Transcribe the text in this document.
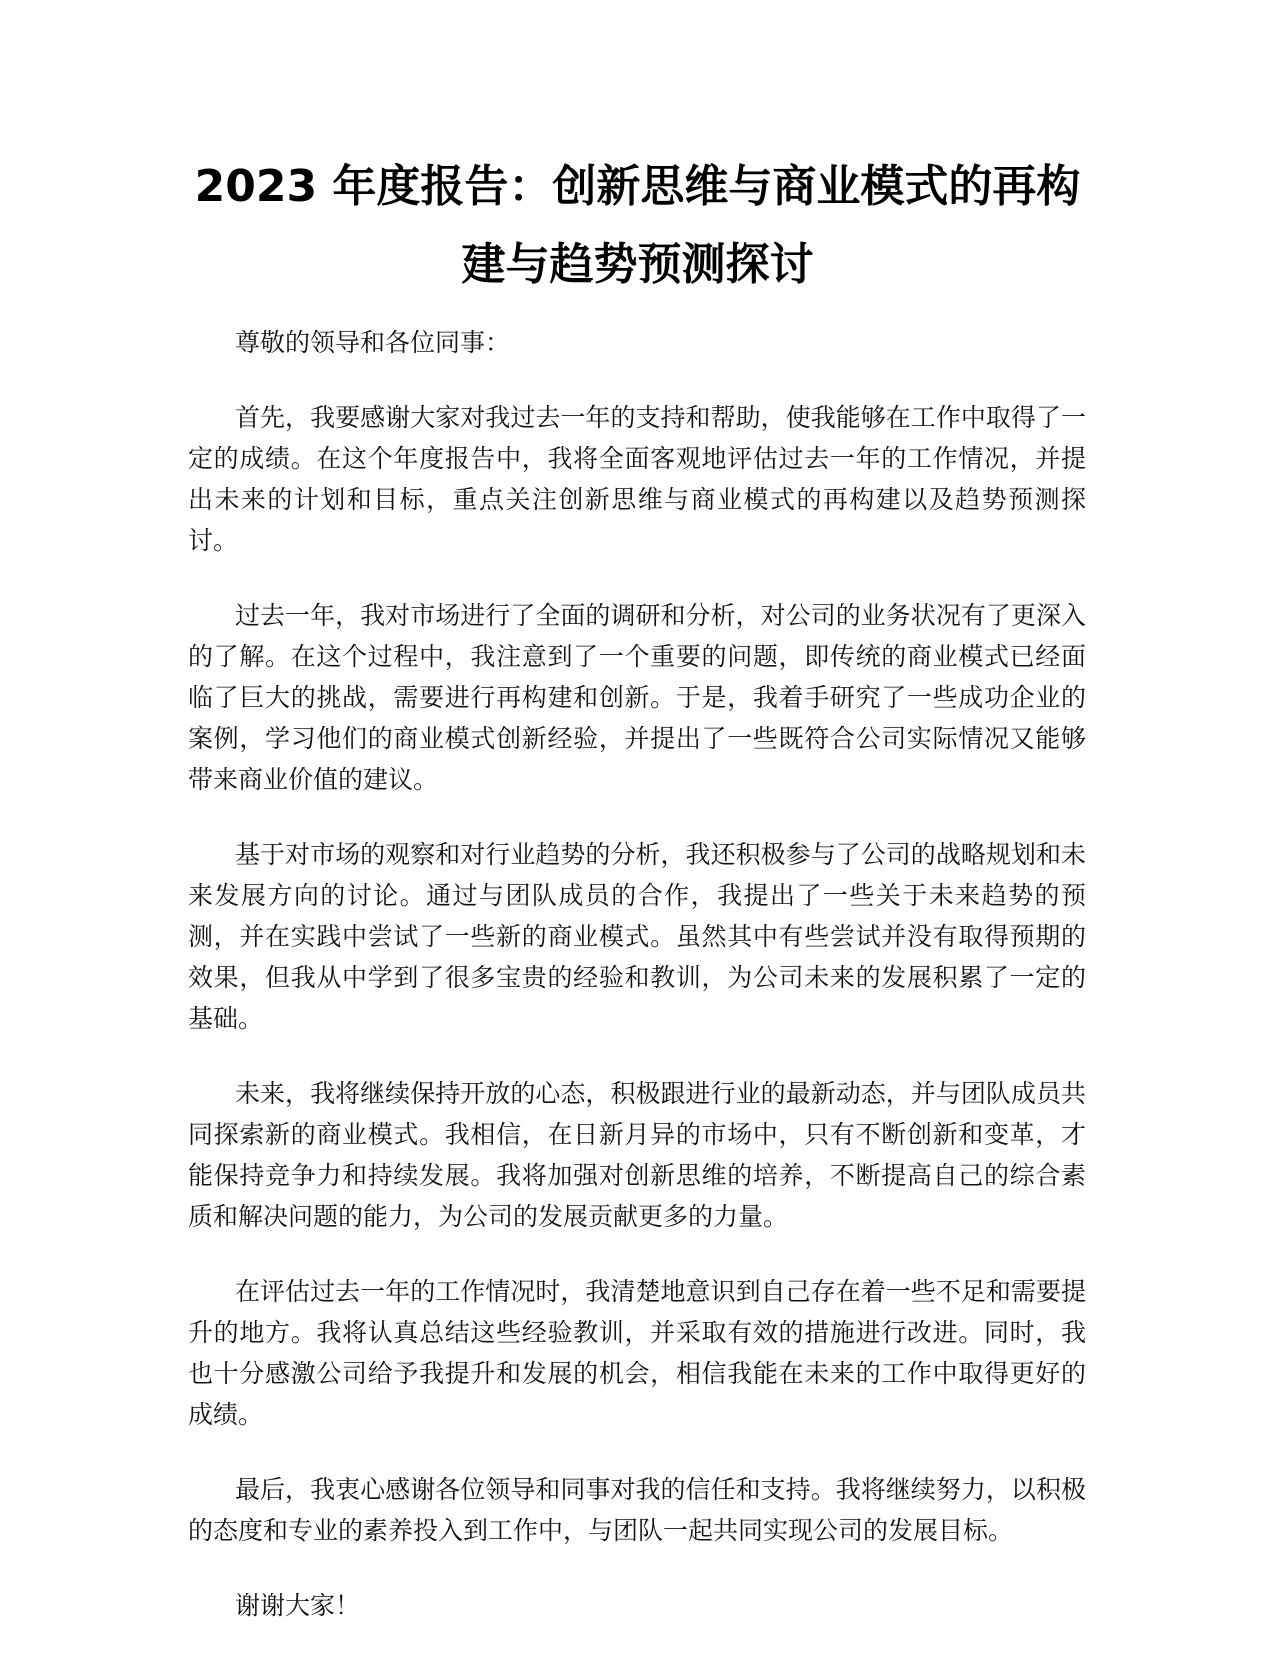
2023 年度报告：创新思维与商业模式的再构
建与趋势预测探讨

尊敬的领导和各位同事：

首先，我要感谢大家对我过去一年的支持和帮助，使我能够在工作中取得了一定的成绩。在这个年度报告中，我将全面客观地评估过去一年的工作情况，并提出未来的计划和目标，重点关注创新思维与商业模式的再构建以及趋势预测探讨。

过去一年，我对市场进行了全面的调研和分析，对公司的业务状况有了更深入的了解。在这个过程中，我注意到了一个重要的问题，即传统的商业模式已经面临了巨大的挑战，需要进行再构建和创新。于是，我着手研究了一些成功企业的案例，学习他们的商业模式创新经验，并提出了一些既符合公司实际情况又能够带来商业价值的建议。

基于对市场的观察和对行业趋势的分析，我还积极参与了公司的战略规划和未来发展方向的讨论。通过与团队成员的合作，我提出了一些关于未来趋势的预测，并在实践中尝试了一些新的商业模式。虽然其中有些尝试并没有取得预期的效果，但我从中学到了很多宝贵的经验和教训，为公司未来的发展积累了一定的基础。

未来，我将继续保持开放的心态，积极跟进行业的最新动态，并与团队成员共同探索新的商业模式。我相信，在日新月异的市场中，只有不断创新和变革，才能保持竞争力和持续发展。我将加强对创新思维的培养，不断提高自己的综合素质和解决问题的能力，为公司的发展贡献更多的力量。

在评估过去一年的工作情况时，我清楚地意识到自己存在着一些不足和需要提升的地方。我将认真总结这些经验教训，并采取有效的措施进行改进。同时，我也十分感激公司给予我提升和发展的机会，相信我能在未来的工作中取得更好的成绩。

最后，我衷心感谢各位领导和同事对我的信任和支持。我将继续努力，以积极的态度和专业的素养投入到工作中，与团队一起共同实现公司的发展目标。

谢谢大家！
